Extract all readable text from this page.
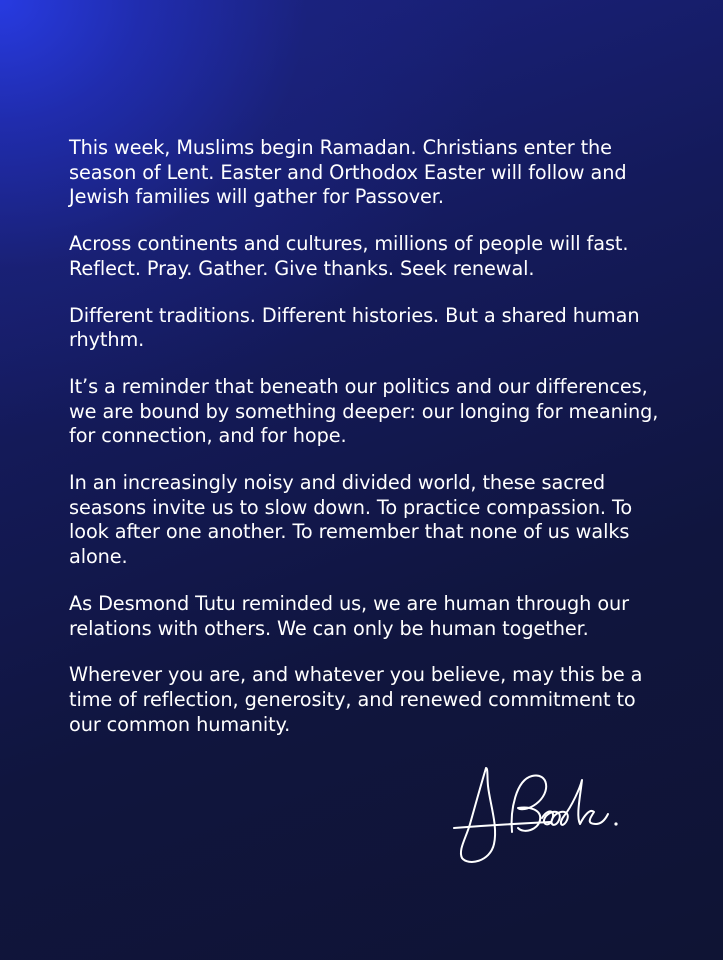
This week, Muslims begin Ramadan. Christians enter the season of Lent. Easter and Orthodox Easter will follow and Jewish families will gather for Passover.

Across continents and cultures, millions of people will fast. Reflect. Pray. Gather. Give thanks. Seek renewal.

Different traditions. Different histories. But a shared human rhythm.

It’s a reminder that beneath our politics and our differences, we are bound by something deeper: our longing for meaning, for connection, and for hope.

In an increasingly noisy and divided world, these sacred seasons invite us to slow down. To practice compassion. To look after one another. To remember that none of us walks alone.

As Desmond Tutu reminded us, we are human through our relations with others. We can only be human together.

Wherever you are, and whatever you believe, may this be a time of reflection, generosity, and renewed commitment to our common humanity.
